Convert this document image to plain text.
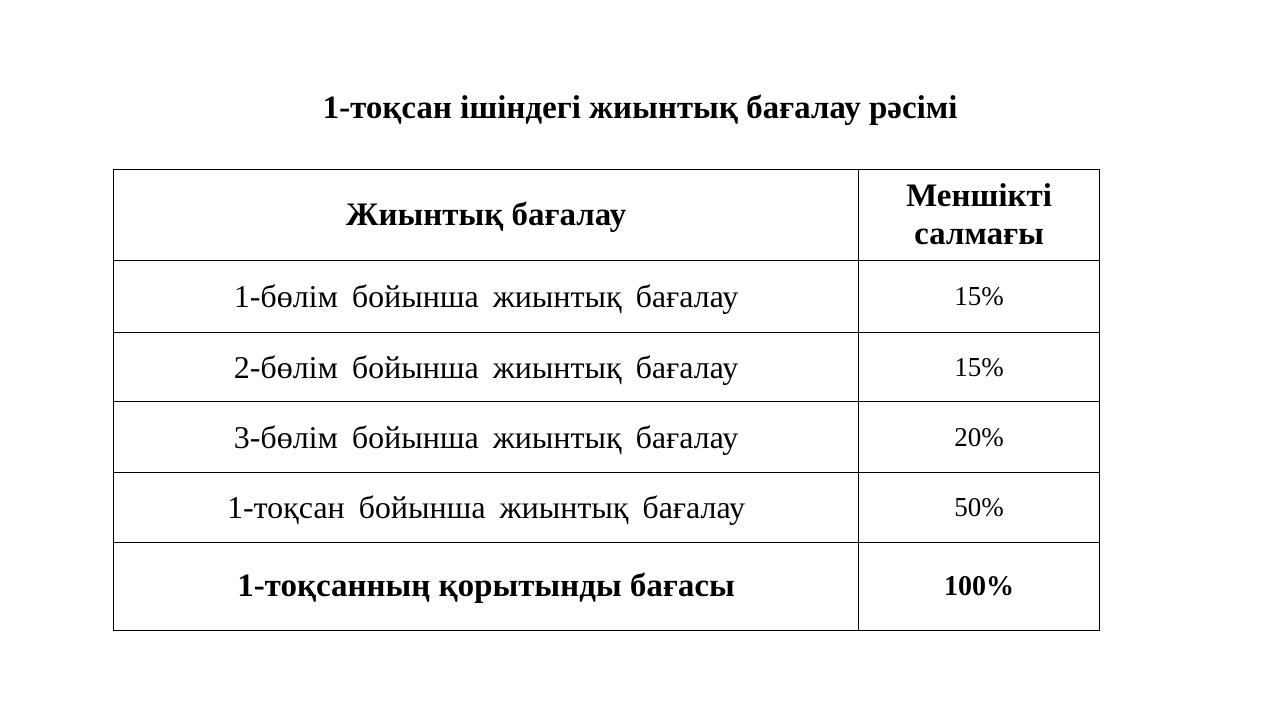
1-тоқсан ішіндегі жиынтық бағалау рәсімі
Жиынтық бағалау	Меншікті салмағы
1-бөлім бойынша жиынтық бағалау	15%
2-бөлім бойынша жиынтық бағалау	15%
3-бөлім бойынша жиынтық бағалау	20%
1-тоқсан бойынша жиынтық бағалау	50%
1-тоқсанның қорытынды бағасы	100%
